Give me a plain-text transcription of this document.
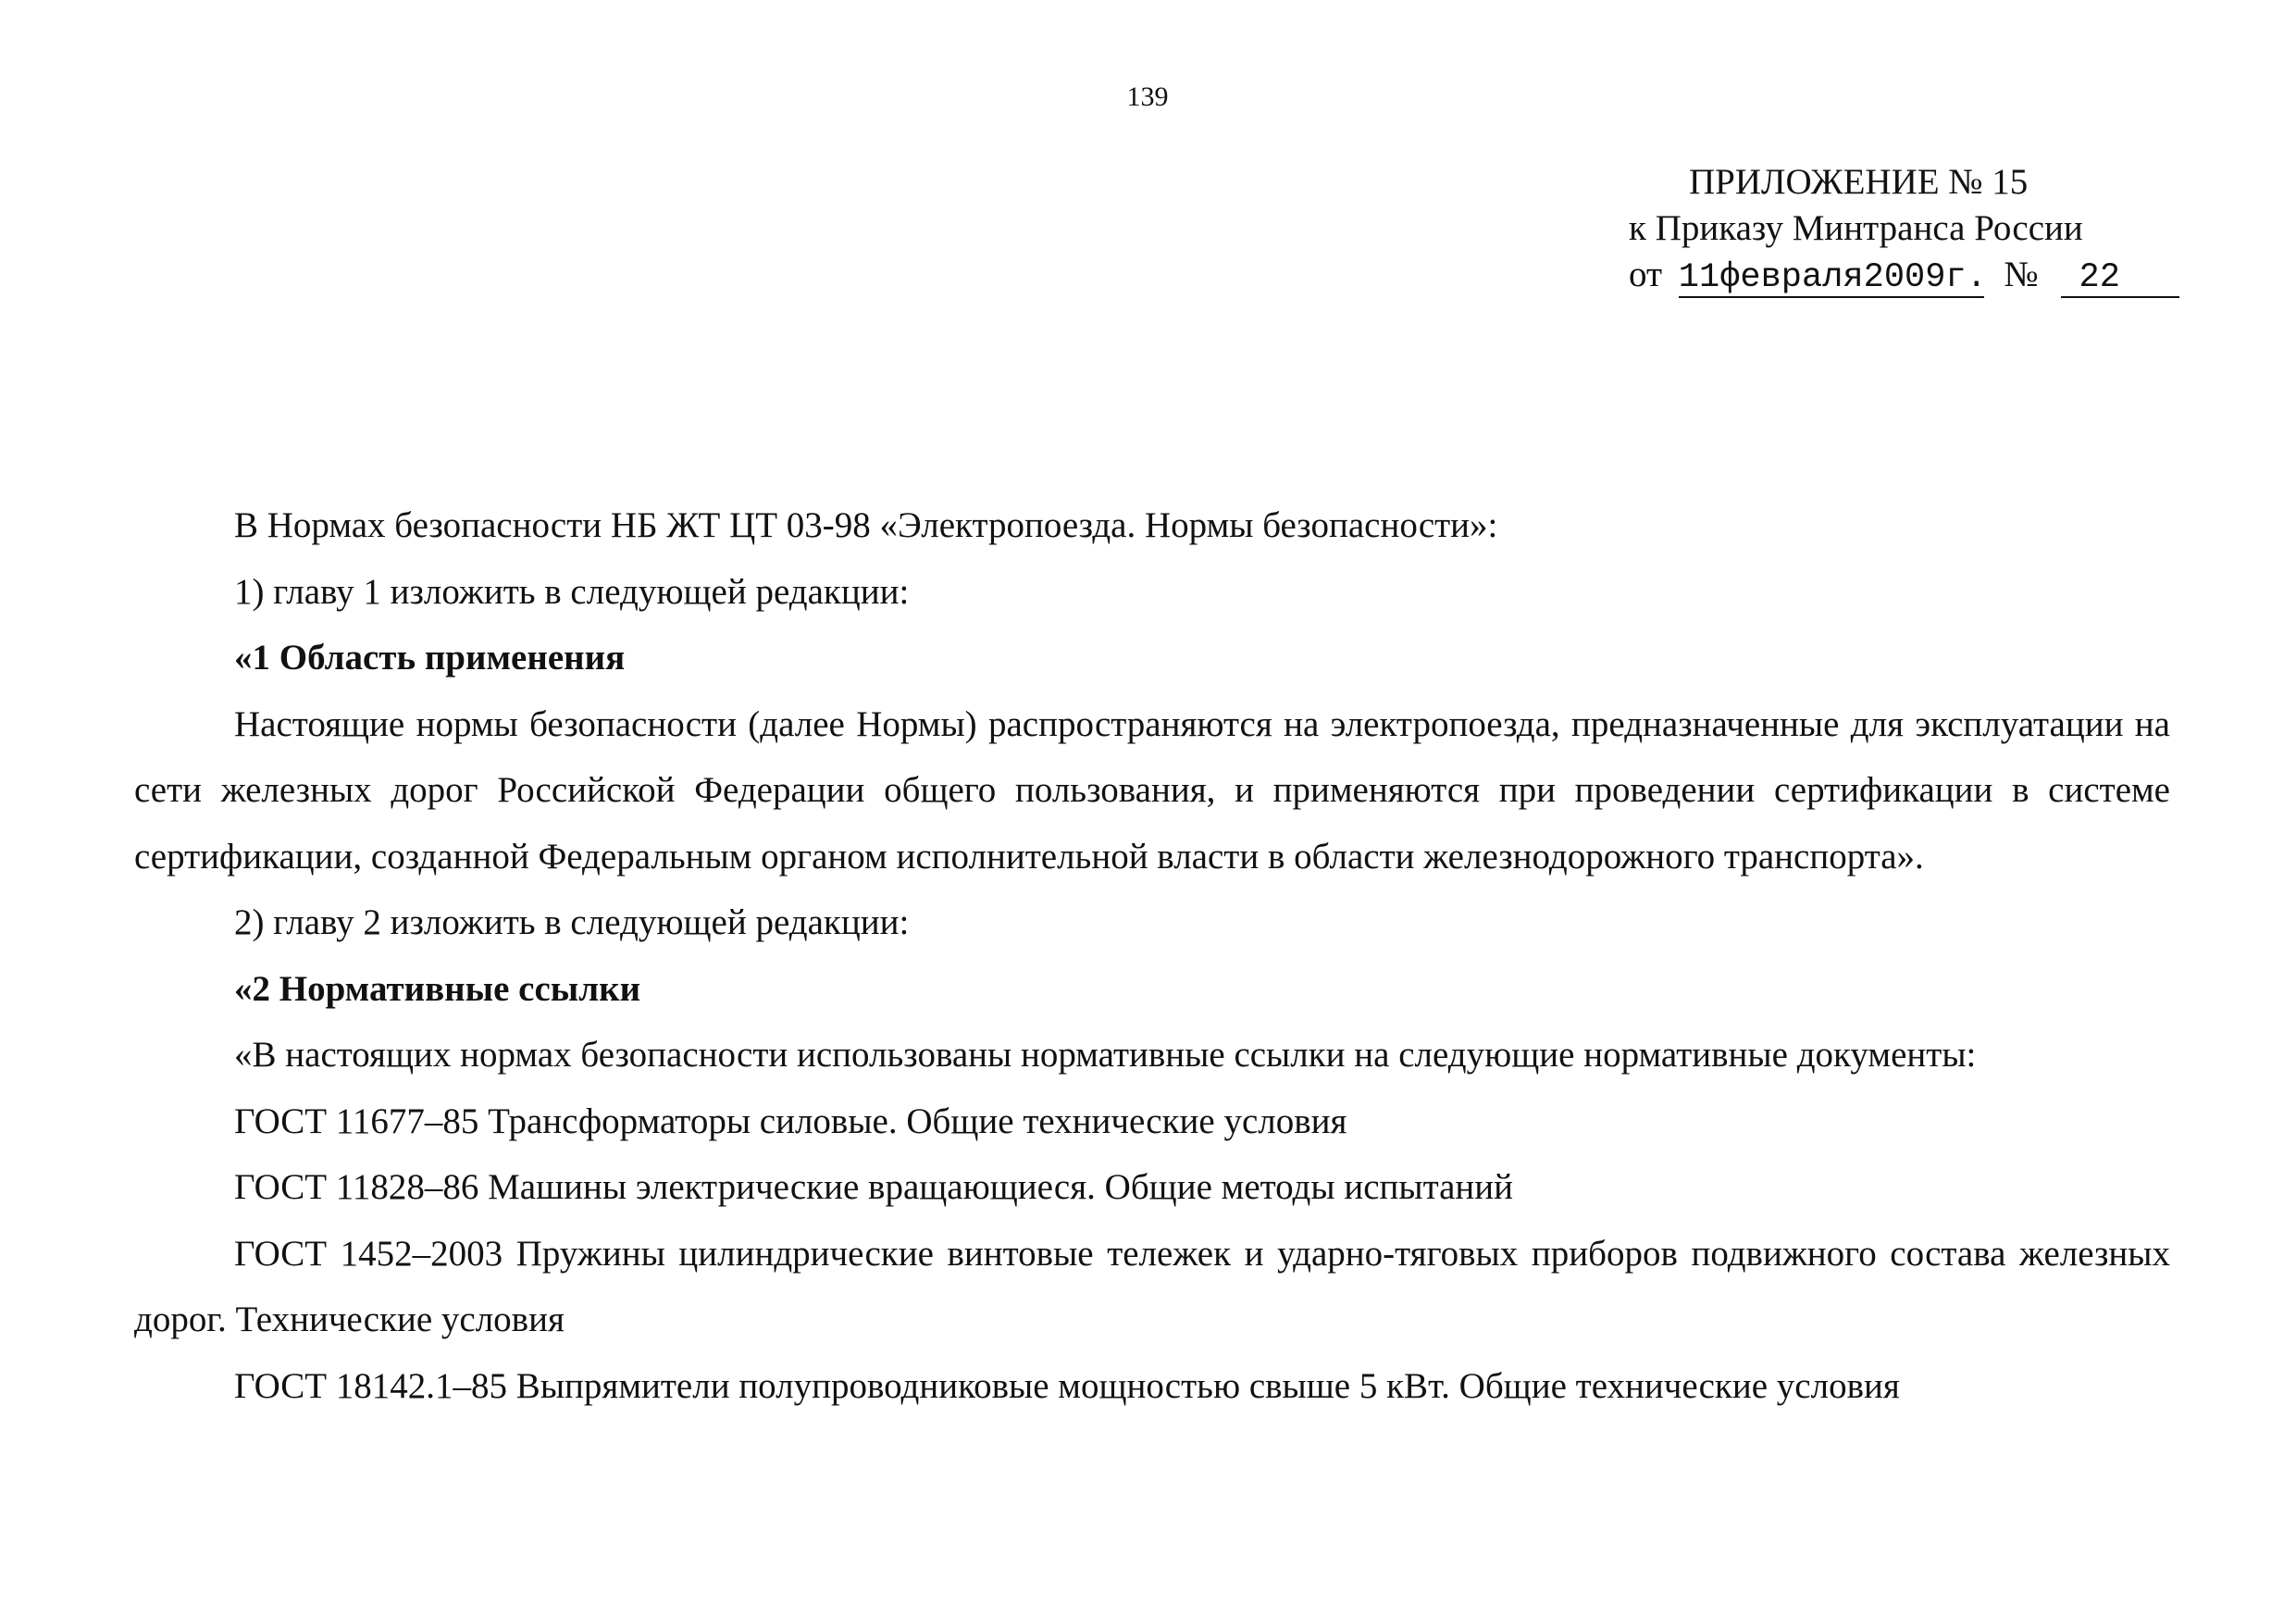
139
ПРИЛОЖЕНИЕ № 15
к Приказу Минтранса России
от 11февраля2009г. № 22

В Нормах безопасности НБ ЖТ ЦТ 03-98 «Электропоезда. Нормы безопасности»:

1) главу 1 изложить в следующей редакции:

«1 Область применения

Настоящие нормы безопасности (далее Нормы) распространяются на электропоезда, предназначенные для эксплуатации на сети железных дорог Российской Федерации общего пользования, и применяются при проведении сертификации в системе сертификации, созданной Федеральным органом исполнительной власти в области железнодорожного транспорта».

2) главу 2 изложить в следующей редакции:

«2 Нормативные ссылки

«В настоящих нормах безопасности использованы нормативные ссылки на следующие нормативные документы:

ГОСТ 11677–85 Трансформаторы силовые. Общие технические условия

ГОСТ 11828–86 Машины электрические вращающиеся. Общие методы испытаний

ГОСТ 1452–2003 Пружины цилиндрические винтовые тележек и ударно-тяговых приборов подвижного состава железных дорог. Технические условия

ГОСТ 18142.1–85 Выпрямители полупроводниковые мощностью свыше 5 кВт. Общие технические условия
